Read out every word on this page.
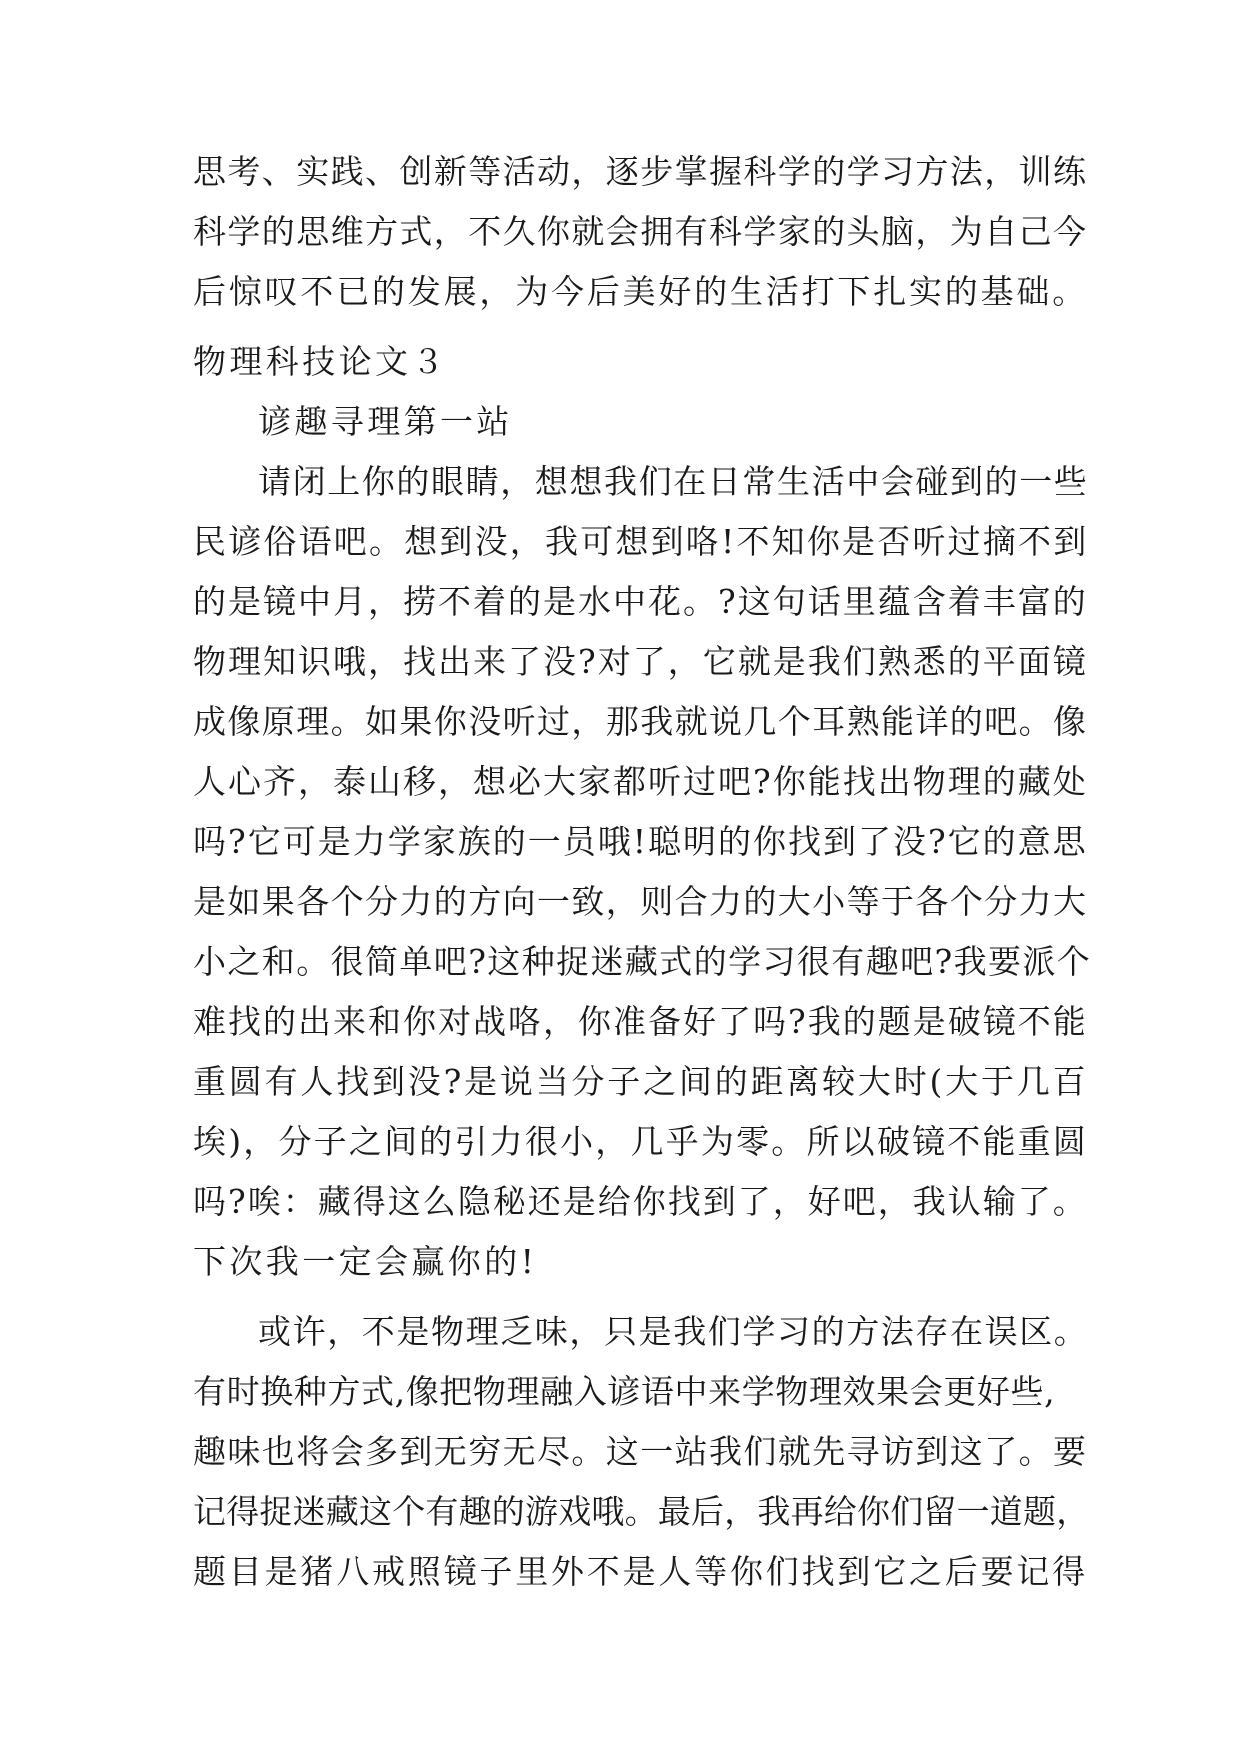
思考、实践、创新等活动，逐步掌握科学的学习方法，训练
科学的思维方式，不久你就会拥有科学家的头脑，为自己今
后惊叹不已的发展，为今后美好的生活打下扎实的基础。
物理科技论文３
谚趣寻理第一站
请闭上你的眼睛，想想我们在日常生活中会碰到的一些
民谚俗语吧。想到没，我可想到咯!不知你是否听过摘不到
的是镜中月，捞不着的是水中花。?这句话里蕴含着丰富的
物理知识哦，找出来了没?对了，它就是我们熟悉的平面镜
成像原理。如果你没听过，那我就说几个耳熟能详的吧。像
人心齐，泰山移，想必大家都听过吧?你能找出物理的藏处
吗?它可是力学家族的一员哦!聪明的你找到了没?它的意思
是如果各个分力的方向一致，则合力的大小等于各个分力大
小之和。很简单吧?这种捉迷藏式的学习很有趣吧?我要派个
难找的出来和你对战咯，你准备好了吗?我的题是破镜不能
重圆有人找到没?是说当分子之间的距离较大时(大于几百
埃)，分子之间的引力很小，几乎为零。所以破镜不能重圆
吗?唉：藏得这么隐秘还是给你找到了，好吧，我认输了。
下次我一定会赢你的!
或许，不是物理乏味，只是我们学习的方法存在误区。
有时换种方式,像把物理融入谚语中来学物理效果会更好些,
趣味也将会多到无穷无尽。这一站我们就先寻访到这了。要
记得捉迷藏这个有趣的游戏哦。最后，我再给你们留一道题，
题目是猪八戒照镜子里外不是人等你们找到它之后要记得
